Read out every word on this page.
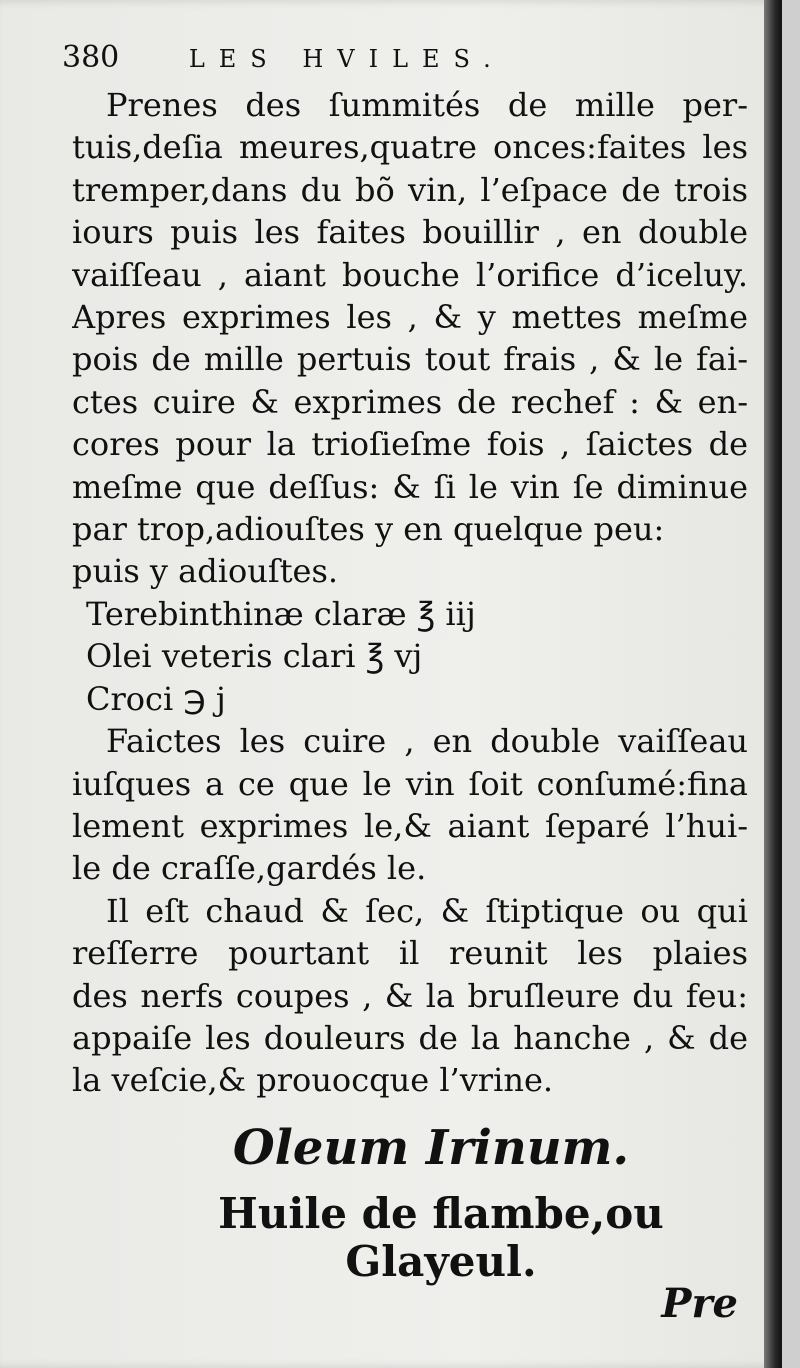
380	LES HVILES.
Prenes des ſummités de mille per-
tuis,deſia meures,quatre onces:faites les
tremper,dans du bõ vin, l’eſpace de trois
iours puis les faites bouillir , en double
vaiſſeau , aiant bouche l’orifice d’iceluy.
Apres exprimes les , & y mettes meſme
pois de mille pertuis tout frais , & le fai-
ctes cuire & exprimes de rechef : & en-
cores pour la trioſieſme fois , ſaictes de
meſme que deſſus: & ſi le vin ſe diminue
par trop,adiouſtes y en quelque peu:
puis y adiouſtes.
Terebinthinæ claræ ℥ iij
Olei veteris clari ℥ vj
Croci ℈ j
Faictes les cuire , en double vaiſſeau
iuſques a ce que le vin ſoit conſumé:fina
lement exprimes le,& aiant ſeparé l’hui-
le de craſſe,gardés le.
Il eſt chaud & ſec, & ſtiptique ou qui
reſſerre pourtant il reunit les plaies
des nerfs coupes , & la bruſleure du feu:
appaiſe les douleurs de la hanche , & de
la veſcie,& prouocque l’vrine.
Oleum Irinum.
Huile de flambe,ou
Glayeul.
Pre
